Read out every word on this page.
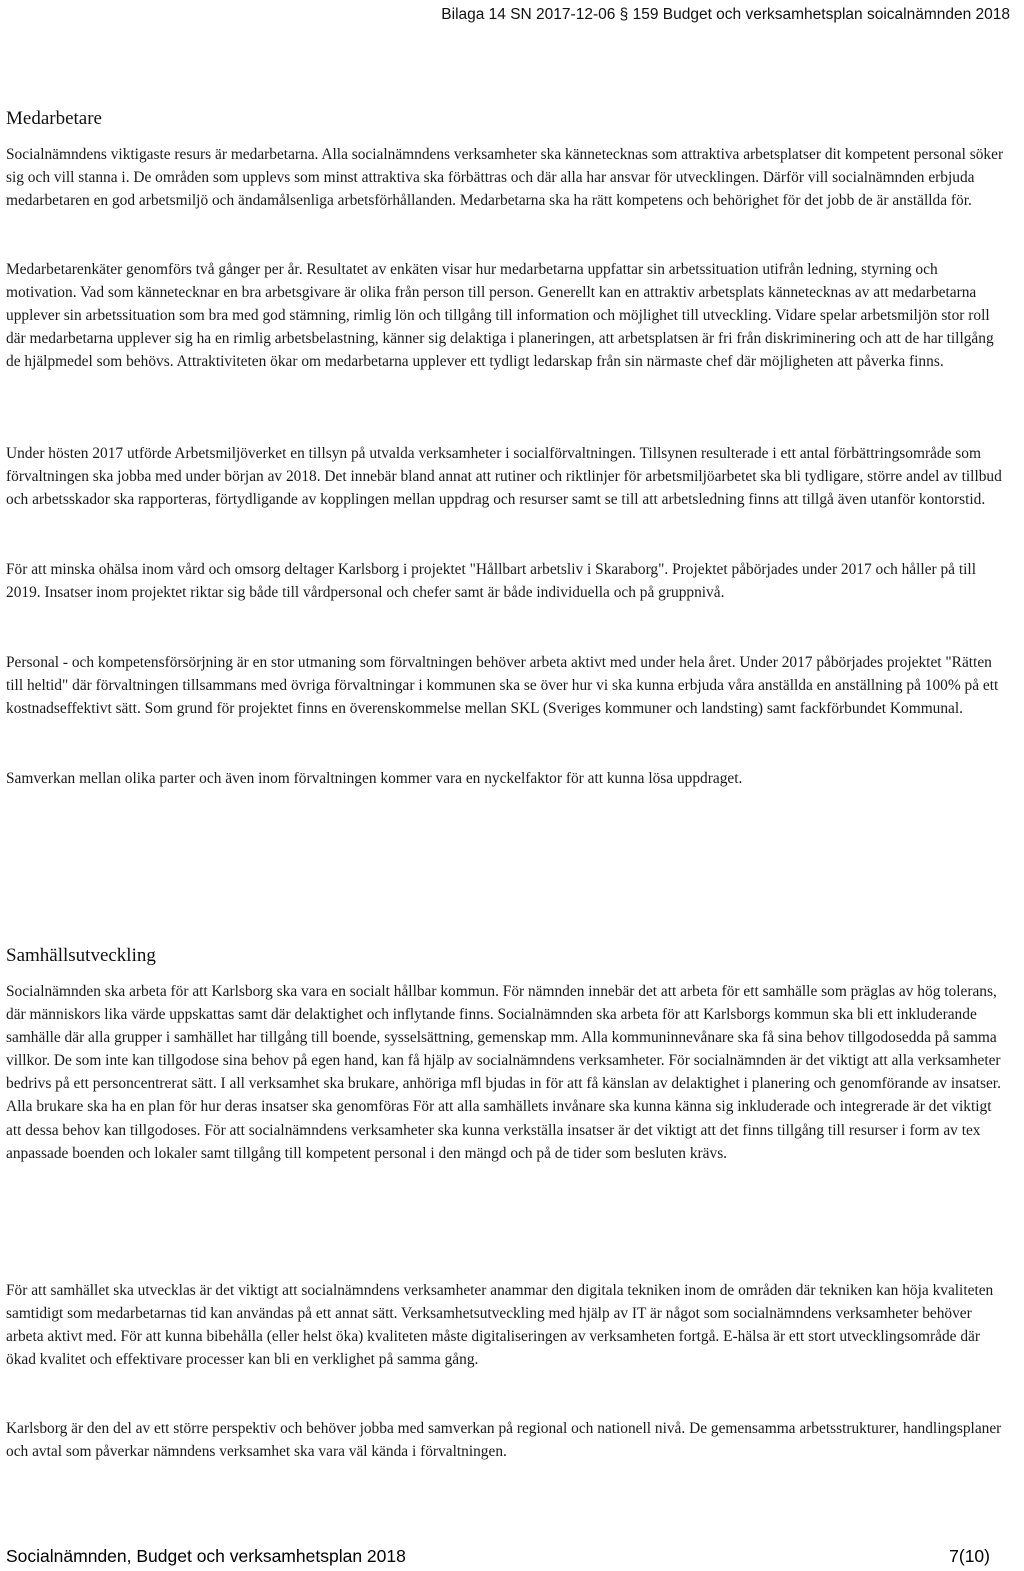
Bilaga 14 SN 2017-12-06 § 159 Budget och verksamhetsplan soicalnämnden 2018
Medarbetare

Socialnämndens viktigaste resurs är medarbetarna. Alla socialnämndens verksamheter ska kännetecknas som attraktiva arbetsplatser dit kompetent personal söker sig och vill stanna i. De områden som upplevs som minst attraktiva ska förbättras och där alla har ansvar för utvecklingen. Därför vill socialnämnden erbjuda medarbetaren en god arbetsmiljö och ändamålsenliga arbetsförhållanden. Medarbetarna ska ha rätt kompetens och behörighet för det jobb de är anställda för.

Medarbetarenkäter genomförs två gånger per år. Resultatet av enkäten visar hur medarbetarna uppfattar sin arbetssituation utifrån ledning, styrning och motivation. Vad som kännetecknar en bra arbetsgivare är olika från person till person. Generellt kan en attraktiv arbetsplats kännetecknas av att medarbetarna upplever sin arbetssituation som bra med god stämning, rimlig lön och tillgång till information och möjlighet till utveckling. Vidare spelar arbetsmiljön stor roll där medarbetarna upplever sig ha en rimlig arbetsbelastning, känner sig delaktiga i planeringen, att arbetsplatsen är fri från diskriminering och att de har tillgång de hjälpmedel som behövs. Attraktiviteten ökar om medarbetarna upplever ett tydligt ledarskap från sin närmaste chef där möjligheten att påverka finns.

Under hösten 2017 utförde Arbetsmiljöverket en tillsyn på utvalda verksamheter i socialförvaltningen. Tillsynen resulterade i ett antal förbättringsområde som förvaltningen ska jobba med under början av 2018. Det innebär bland annat att rutiner och riktlinjer för arbetsmiljöarbetet ska bli tydligare, större andel av tillbud och arbetsskador ska rapporteras, förtydligande av kopplingen mellan uppdrag och resurser samt se till att arbetsledning finns att tillgå även utanför kontorstid.

För att minska ohälsa inom vård och omsorg deltager Karlsborg i projektet "Hållbart arbetsliv i Skaraborg". Projektet påbörjades under 2017 och håller på till 2019. Insatser inom projektet riktar sig både till vårdpersonal och chefer samt är både individuella och på gruppnivå.

Personal - och kompetensförsörjning är en stor utmaning som förvaltningen behöver arbeta aktivt med under hela året. Under 2017 påbörjades projektet "Rätten till heltid" där förvaltningen tillsammans med övriga förvaltningar i kommunen ska se över hur vi ska kunna erbjuda våra anställda en anställning på 100% på ett kostnadseffektivt sätt. Som grund för projektet finns en överenskommelse mellan SKL (Sveriges kommuner och landsting) samt fackförbundet Kommunal.

Samverkan mellan olika parter och även inom förvaltningen kommer vara en nyckelfaktor för att kunna lösa uppdraget.

Samhällsutveckling

Socialnämnden ska arbeta för att Karlsborg ska vara en socialt hållbar kommun. För nämnden innebär det att arbeta för ett samhälle som präglas av hög tolerans, där människors lika värde uppskattas samt där delaktighet och inflytande finns. Socialnämnden ska arbeta för att Karlsborgs kommun ska bli ett inkluderande samhälle där alla grupper i samhället har tillgång till boende, sysselsättning, gemenskap mm. Alla kommuninnevånare ska få sina behov tillgodosedda på samma villkor. De som inte kan tillgodose sina behov på egen hand, kan få hjälp av socialnämndens verksamheter. För socialnämnden är det viktigt att alla verksamheter bedrivs på ett personcentrerat sätt. I all verksamhet ska brukare, anhöriga mfl bjudas in för att få känslan av delaktighet i planering och genomförande av insatser. Alla brukare ska ha en plan för hur deras insatser ska genomföras För att alla samhällets invånare ska kunna känna sig inkluderade och integrerade är det viktigt att dessa behov kan tillgodoses. För att socialnämndens verksamheter ska kunna verkställa insatser är det viktigt att det finns tillgång till resurser i form av tex anpassade boenden och lokaler samt tillgång till kompetent personal i den mängd och på de tider som besluten krävs.

För att samhället ska utvecklas är det viktigt att socialnämndens verksamheter anammar den digitala tekniken inom de områden där tekniken kan höja kvaliteten samtidigt som medarbetarnas tid kan användas på ett annat sätt. Verksamhetsutveckling med hjälp av IT är något som socialnämndens verksamheter behöver arbeta aktivt med. För att kunna bibehålla (eller helst öka) kvaliteten måste digitaliseringen av verksamheten fortgå. E-hälsa är ett stort utvecklingsområde där ökad kvalitet och effektivare processer kan bli en verklighet på samma gång.

Karlsborg är den del av ett större perspektiv och behöver jobba med samverkan på regional och nationell nivå. De gemensamma arbetsstrukturer, handlingsplaner och avtal som påverkar nämndens verksamhet ska vara väl kända i förvaltningen.

Socialnämnden, Budget och verksamhetsplan 2018	7(10)
